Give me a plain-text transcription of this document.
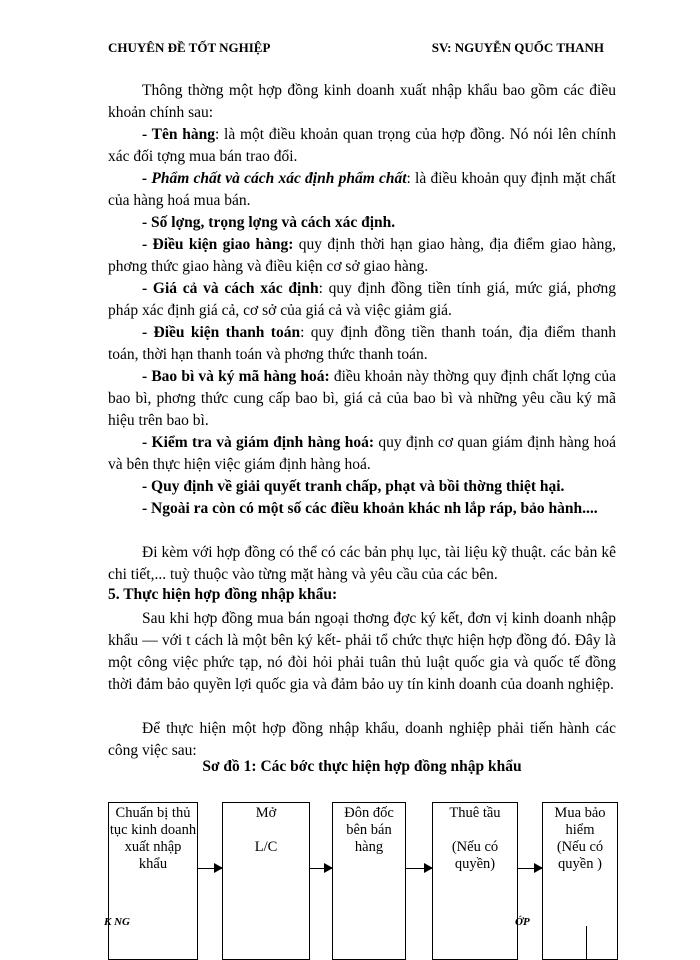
CHUYÊN ĐỀ TỐT NGHIỆP	SV: NGUYỄN QUỐC THANH

Thông thờng một hợp đồng kinh doanh xuất nhập khẩu bao gồm các điều khoản chính sau:

- Tên hàng: là một điều khoản quan trọng của hợp đồng. Nó nói lên chính xác đối tợng mua bán trao đổi.

- Phẩm chất và cách xác định phẩm chất: là điều khoản quy định mặt chất của hàng hoá mua bán.

- Số lợng, trọng lợng và cách xác định.

- Điều kiện giao hàng: quy định thời hạn giao hàng, địa điểm giao hàng, phơng thức giao hàng và điều kiện cơ sở giao hàng.

- Giá cả và cách xác định: quy định đồng tiền tính giá, mức giá, phơng pháp xác định giá cả, cơ sở của giá cả và việc giảm giá.

- Điều kiện thanh toán: quy định đồng tiền thanh toán, địa điểm thanh toán, thời hạn thanh toán và phơng thức thanh toán.

- Bao bì và ký mã hàng hoá: điều khoản này thờng quy định chất lợng của bao bì, phơng thức cung cấp bao bì, giá cả của bao bì và những yêu cầu ký mã hiệu trên bao bì.

- Kiểm tra và giám định hàng hoá: quy định cơ quan giám định hàng hoá và bên thực hiện việc giám định hàng hoá.

- Quy định về giải quyết tranh chấp, phạt và bồi thờng thiệt hại.

- Ngoài ra còn có một số các điều khoản khác nh lắp ráp, bảo hành....

Đi kèm với hợp đồng có thể có các bản phụ lục, tài liệu kỹ thuật. các bản kê chi tiết,... tuỳ thuộc vào từng mặt hàng và yêu cầu của các bên.

5. Thực hiện hợp đồng nhập khẩu:

Sau khi hợp đồng mua bán ngoại thơng đợc ký kết, đơn vị kinh doanh nhập khẩu — với t cách là một bên ký kết- phải tổ chức thực hiện hợp đồng đó. Đây là một công việc phức tạp, nó đòi hỏi phải tuân thủ luật quốc gia và quốc tế đồng thời đảm bảo quyền lợi quốc gia và đảm bảo uy tín kinh doanh của doanh nghiệp.

Để thực hiện một hợp đồng nhập khẩu, doanh nghiệp phải tiến hành các công việc sau:

Sơ đồ 1: Các bớc thực hiện hợp đồng nhập khẩu
Chuẩn bị thủ tục kinh doanh xuất nhập khẩu
Mở

L/C
Đôn đốc bên bán hàng
Thuê tầu

(Nếu có quyền)
Mua bảo hiểm
(Nếu có quyền )
K NG	ỚP
